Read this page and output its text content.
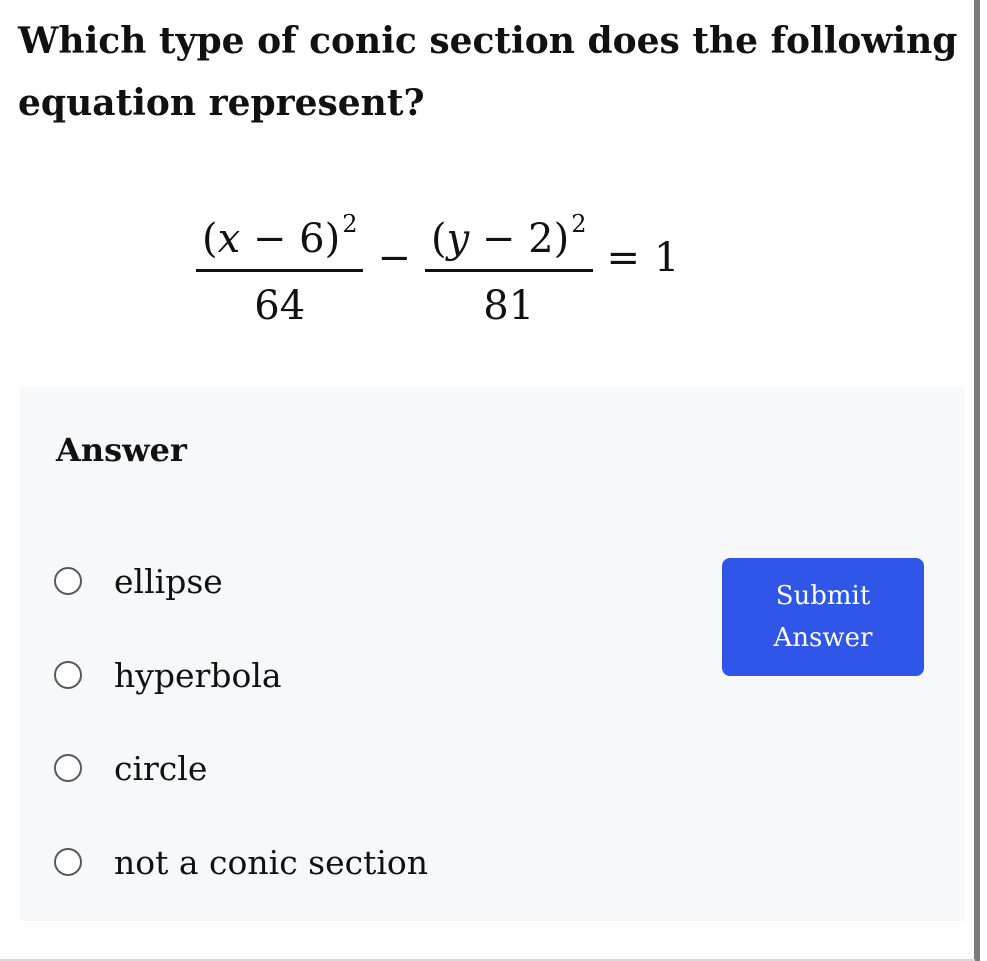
Which type of conic section does the following equation represent?
$\frac{(x - 6)^2}{64} - \frac{(y - 2)^2}{81} = 1$
Answer
ellipse
hyperbola
circle
not a conic section
Submit Answer
